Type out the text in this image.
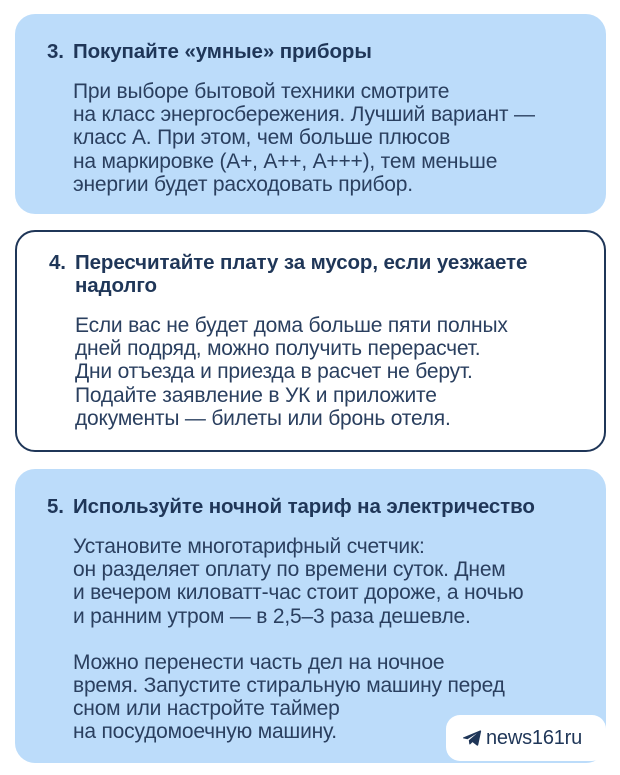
3. Покупайте «умные» приборы

При выборе бытовой техники смотрите
на класс энергосбережения. Лучший вариант —
класс А. При этом, чем больше плюсов
на маркировке (А+, А++, А+++), тем меньше
энергии будет расходовать прибор.

4. Пересчитайте плату за мусор, если уезжаете надолго

Если вас не будет дома больше пяти полных
дней подряд, можно получить перерасчет.
Дни отъезда и приезда в расчет не берут.
Подайте заявление в УК и приложите
документы — билеты или бронь отеля.

5. Используйте ночной тариф на электричество

Установите многотарифный счетчик:
он разделяет оплату по времени суток. Днем
и вечером киловатт-час стоит дороже, а ночью
и ранним утром — в 2,5–3 раза дешевле.

Можно перенести часть дел на ночное
время. Запустите стиральную машину перед
сном или настройте таймер
на посудомоечную машину.	news161ru
